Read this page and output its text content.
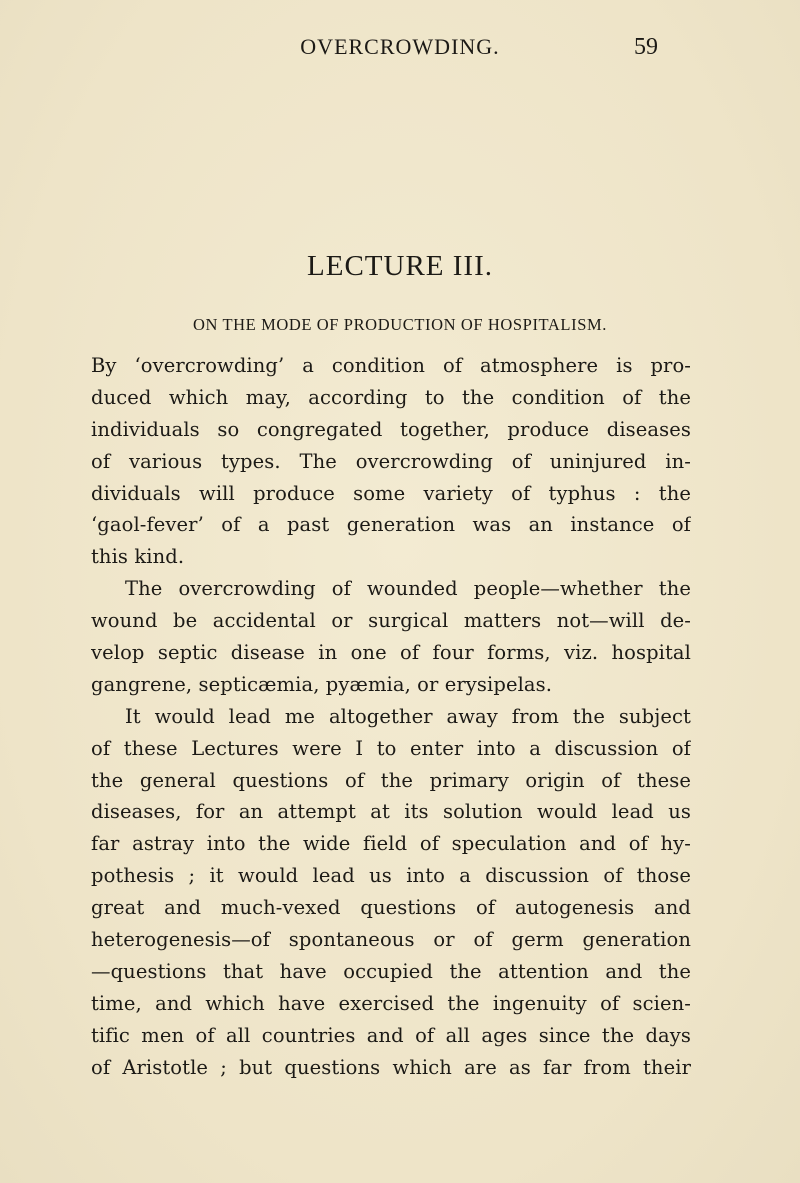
OVERCROWDING.	59
LECTURE III.
ON THE MODE OF PRODUCTION OF HOSPITALISM.
By ‘overcrowding’ a condition of atmosphere is pro-
duced which may, according to the condition of the
individuals so congregated together, produce diseases
of various types. The overcrowding of uninjured in-
dividuals will produce some variety of typhus : the
‘gaol-fever’ of a past generation was an instance of
this kind.
The overcrowding of wounded people—whether the
wound be accidental or surgical matters not—will de-
velop septic disease in one of four forms, viz. hospital
gangrene, septicæmia, pyæmia, or erysipelas.
It would lead me altogether away from the subject
of these Lectures were I to enter into a discussion of
the general questions of the primary origin of these
diseases, for an attempt at its solution would lead us
far astray into the wide field of speculation and of hy-
pothesis ; it would lead us into a discussion of those
great and much-vexed questions of autogenesis and
heterogenesis—of spontaneous or of germ generation
—questions that have occupied the attention and the
time, and which have exercised the ingenuity of scien-
tific men of all countries and of all ages since the days
of Aristotle ; but questions which are as far from their
